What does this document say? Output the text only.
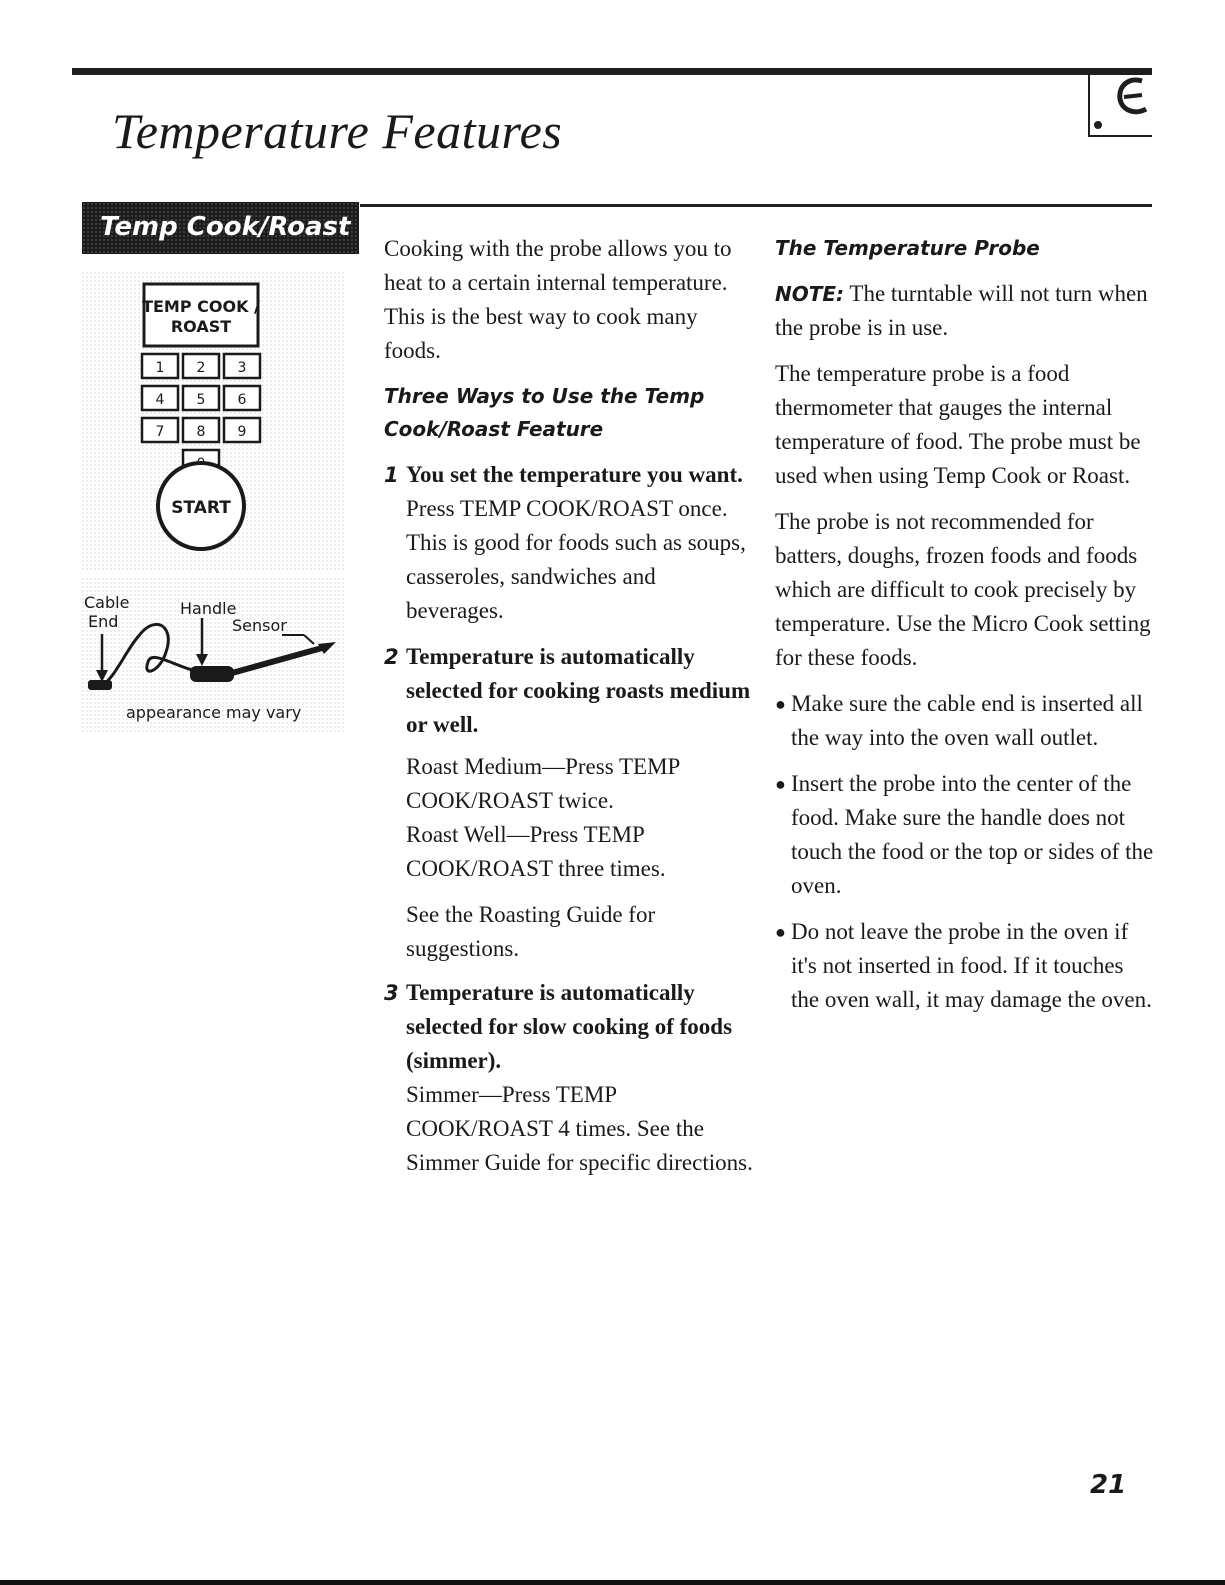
Temperature Features
Temp Cook/Roast
TEMP COOK /
ROAST
1 2 3
4 5 6
7 8 9
START
Cable
End
Handle
Sensor
appearance may vary

Cooking with the probe allows you to heat to a certain internal temperature. This is the best way to cook many foods.

Three Ways to Use the Temp Cook/Roast Feature
1 You set the temperature you want.

Press TEMP COOK/ROAST once. This is good for foods such as soups, casseroles, sandwiches and beverages.

2 Temperature is automatically selected for cooking roasts medium or well.
Roast Medium—Press TEMP COOK/ROAST twice.
Roast Well—Press TEMP COOK/ROAST three times.
See the Roasting Guide for suggestions.
3 Temperature is automatically selected for slow cooking of foods (simmer).

Simmer—Press TEMP COOK/ROAST 4 times. See the Simmer Guide for specific directions.

The Temperature Probe

NOTE: The turntable will not turn when the probe is in use.

The temperature probe is a food thermometer that gauges the internal temperature of food. The probe must be used when using Temp Cook or Roast.

The probe is not recommended for batters, doughs, frozen foods and foods which are difficult to cook precisely by temperature. Use the Micro Cook setting for these foods.

● Make sure the cable end is inserted all the way into the oven wall outlet.
● Insert the probe into the center of the food. Make sure the handle does not touch the food or the top or sides of the oven.
● Do not leave the probe in the oven if it's not inserted in food. If it touches the oven wall, it may damage the oven.
21
